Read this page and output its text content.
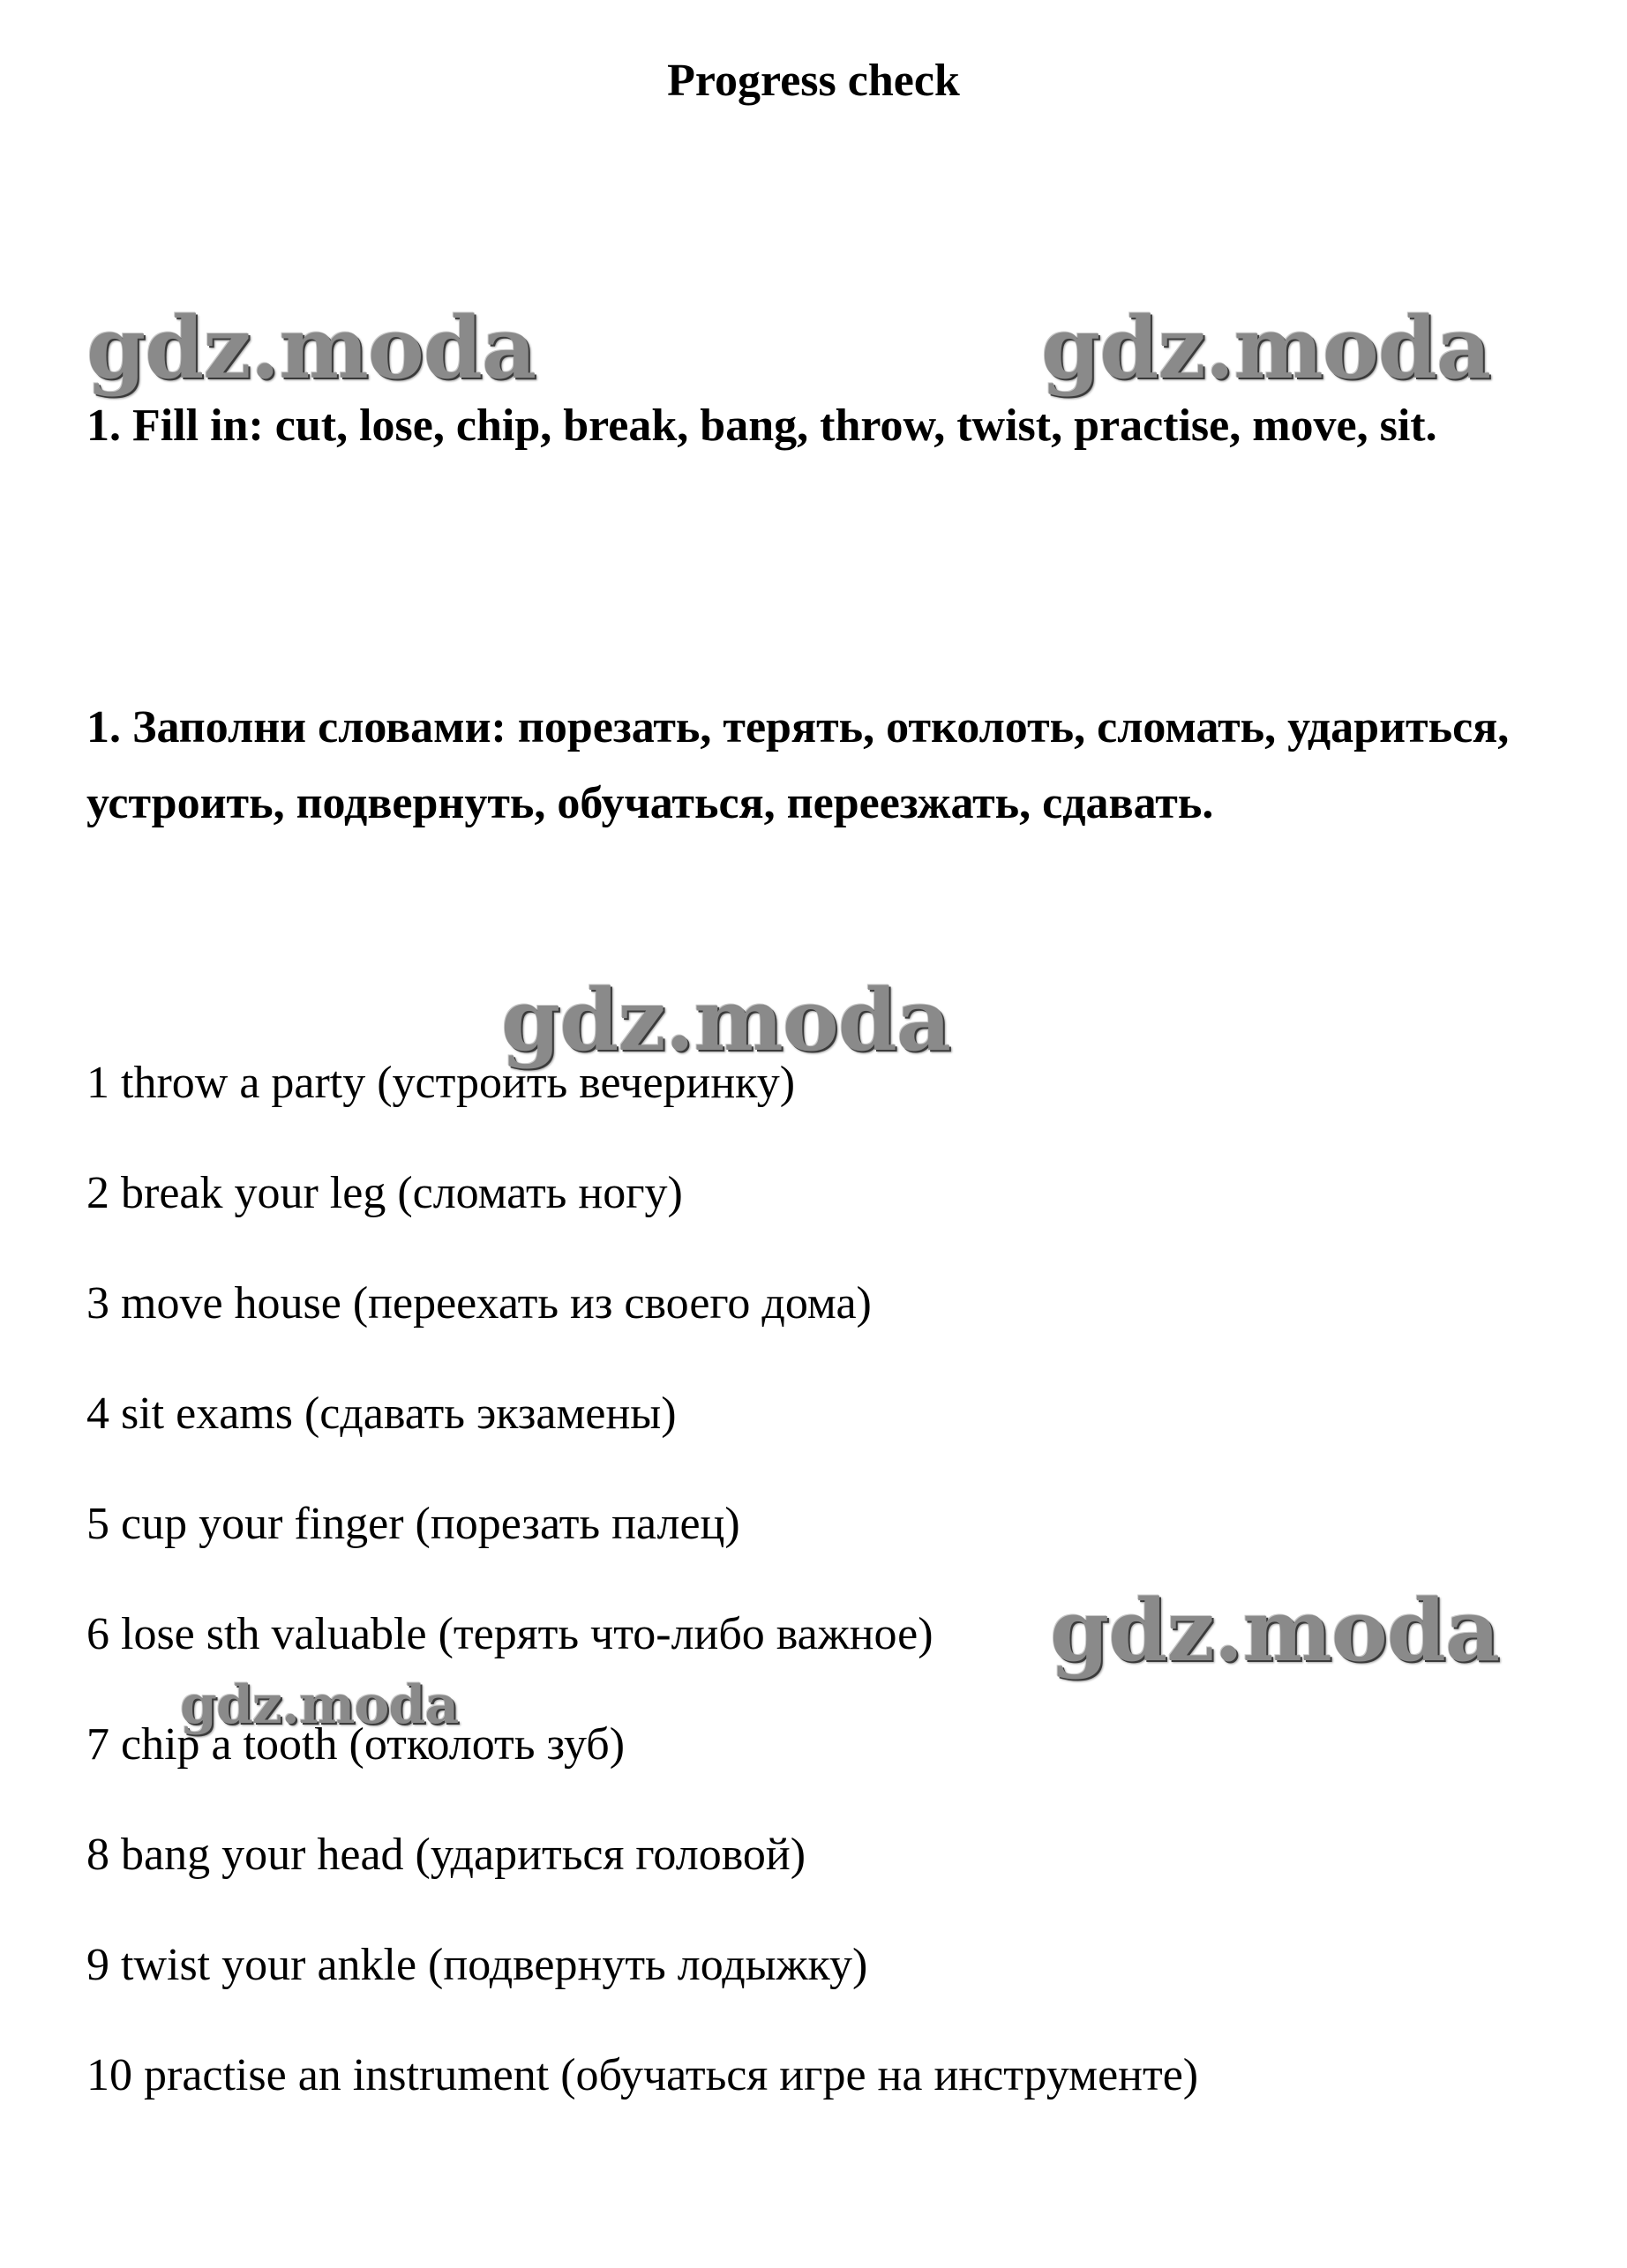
Progress check
gdz.moda	gdz.moda
1. Fill in: cut, lose, chip, break, bang, throw, twist, practise, move, sit.
1. Заполни словами: порезать, терять, отколоть, сломать, удариться, устроить, подвернуть, обучаться, переезжать, сдавать.
gdz.moda
1 throw a party (устроить вечеринку)
2 break your leg (сломать ногу)
3 move house (переехать из своего дома)
4 sit exams (сдавать экзамены)
5 cup your finger (порезать палец)
6 lose sth valuable (терять что-либо важное)
7 chip a tooth (отколоть зуб)
8 bang your head (удариться головой)
9 twist your ankle (подвернуть лодыжку)
10 practise an instrument (обучаться игре на инструменте)
gdz.moda
gdz.moda
